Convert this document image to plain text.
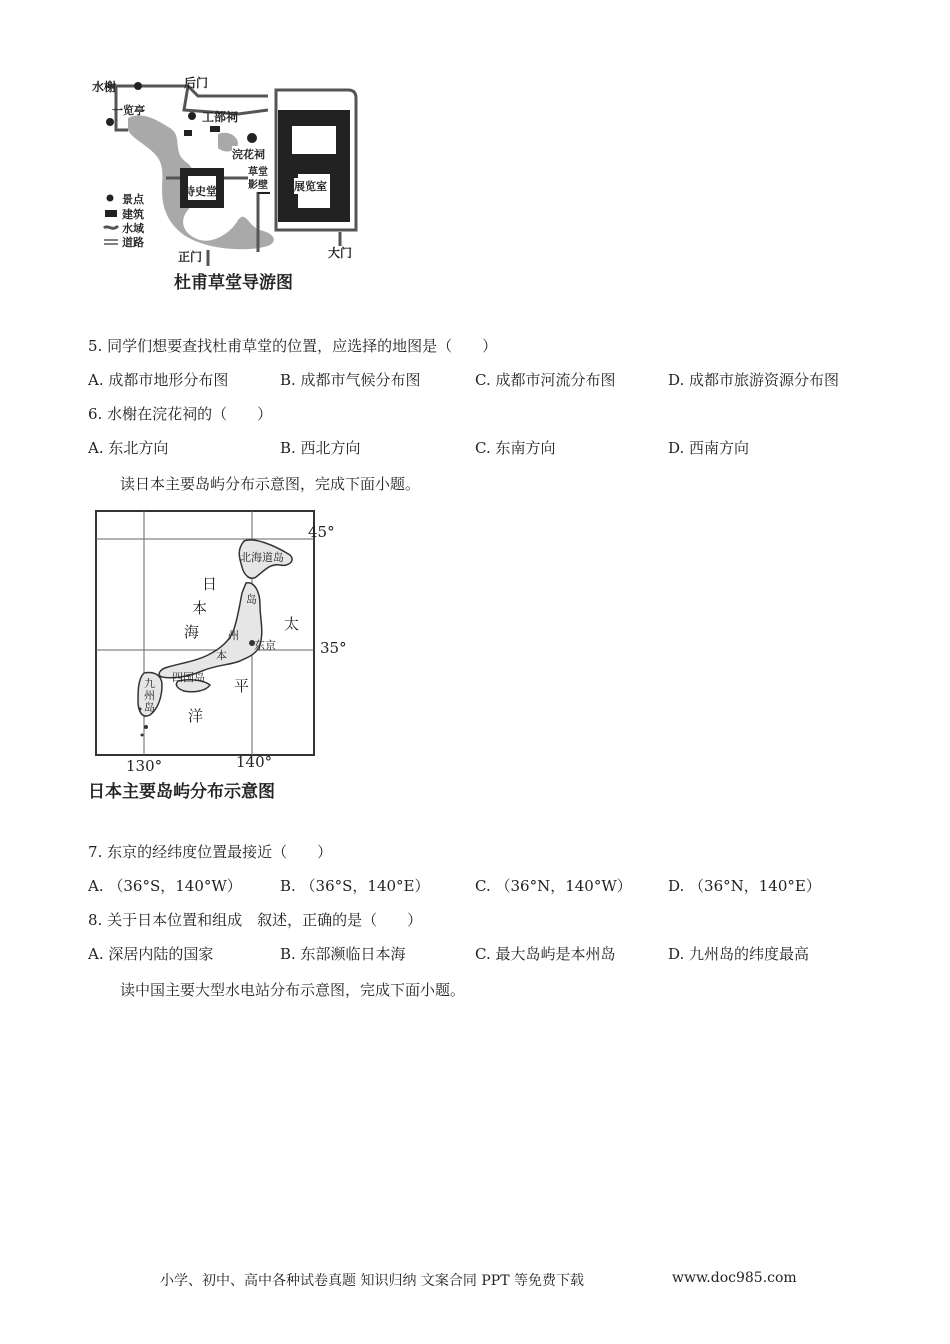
水榭	后门
一览亭	工部祠
浣花祠
诗史堂
草堂
影壁 展览室
正门	大门
景点
建筑
水域
道路
杜甫草堂导游图
5. 同学们想要查找杜甫草堂的位置，应选择的地图是（　　）
A. 成都市地形分布图	B. 成都市气候分布图	C. 成都市河流分布图	D. 成都市旅游资源分布图
6. 水榭在浣花祠的（　　）
A. 东北方向	B. 西北方向	C. 东南方向	D. 西南方向
读日本主要岛屿分布示意图，完成下面小题。
45°
35°
130°	140°
日
本
海	太
平
洋
北海道岛
本
岛
州
四国岛
九
州
岛
东京
日本主要岛屿分布示意图
7. 东京的经纬度位置最接近（　　）
A. （36°S，140°W）	B. （36°S，140°E）	C. （36°N，140°W） D. （36°N，140°E）
8. 关于日本位置和组成　叙述，正确的是（　　）
A. 深居内陆的国家	B. 东部濒临日本海	C. 最大岛屿是本州岛	D. 九州岛的纬度最高
读中国主要大型水电站分布示意图，完成下面小题。
小学、初中、高中各种试卷真题 知识归纳 文案合同 PPT 等免费下载	www.doc985.com
